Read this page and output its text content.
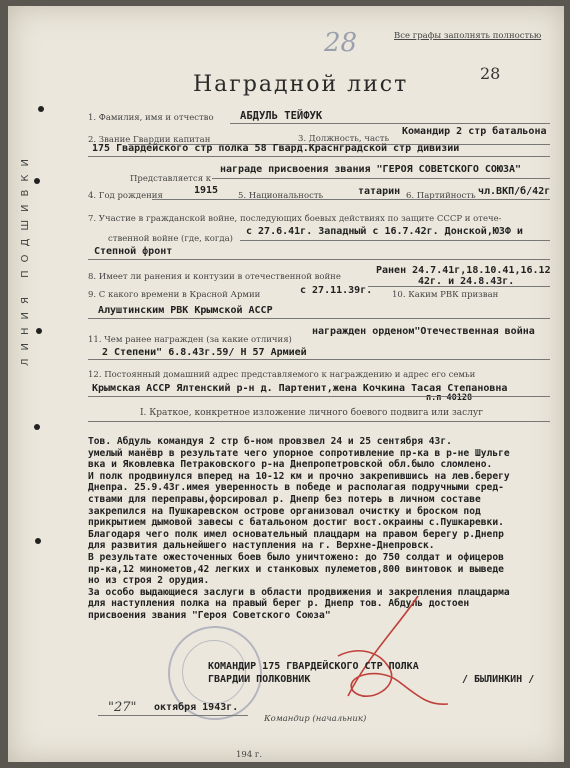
Все графы заполнять полностью
28
28
Наградной лист
ЛИНИЯ ПОДШИВКИ
1. Фамилия, имя и отчество	АБДУЛЬ ТЕЙФУК
2. Звание Гвардии капитан	3. Должность, часть
Командир 2 стр батальона
175 Гвардейского стр полка 58 Гвард.Краснградской стр дивизии
Представляется к
награде присвоения звания "ГЕРОЯ СОВЕТСКОГО СОЮЗА"
4. Год рождения	1915 5. Национальность	татарин 6. Партийность чл.ВКП/б/42г
7. Участие в гражданской войне, последующих боевых действиях по защите СССР и отече-
ственной войне (где, когда)
с 27.6.41г. Западный с 16.7.42г. Донской,ЮЗФ и
Степной фронт
8. Имеет ли ранения и контузии в отечественной войне
Ранен 24.7.41г,18.10.41,16.12
42г. и 24.8.43г.
9. С какого времени в Красной Армии	с 27.11.39г. 10. Каким РВК призван
Алуштинским РВК Крымской АССР
11. Чем ранее награжден (за какие отличия)
награжден орденом"Отечественная война
2 Степени" 6.8.43г.59/ Н 57 Армией
12. Постоянный домашний адрес представляемого к награждению и адрес его семьи
Крымская АССР Ялтенский р-н д. Партенит,жена Кочкина Тасая Степановна
п.п 40128
I. Краткое, конкретное изложение личного боевого подвига или заслуг
Тов. Абдуль командуя 2 стр б-ном провзвел 24 и 25 сентября 43г.
умелый манёвр в результате чего упорное сопротивление пр-ка в р-не Шульге
вка и Яковлевка Петраковского р-на Днепропетровской обл.было сломлено.
И полк продвинулся вперед на 10-12 км и прочно закрепившись на лев.берегу
Днепра. 25.9.43г.имея уверенность в победе и располагая подручными сред-
ствами для переправы,форсировал р. Днепр без потерь в личном составе
закрепился на Пушкаревском острове организовал очистку и броском под
прикрытием дымовой завесы с батальоном достиг вост.окраины с.Пушкаревки.
Благодаря чего полк имел основательный плацдарм на правом берегу р.Днепр
для развития дальнейшего наступления на г. Верхне-Днепровск.
В результате ожесточенных боев было уничтожено: до 750 солдат и офицеров
пр-ка,12 минометов,42 легких и станковых пулеметов,800 винтовок и выведе
но из строя 2 орудия.
За особо выдающиеся заслуги в области продвижения и закрепления плацдарма
для наступления полка на правый берег р. Днепр тов. Абдуль достоен
присвоения звания "Героя Советского Союза"
КОМАНДИР 175 ГВАРДЕЙСКОГО СТР ПОЛКА
ГВАРДИИ ПОЛКОВНИК	/ БЫЛИНКИН /
"27" октября 1943г.
Командир (начальник)
194 г.
